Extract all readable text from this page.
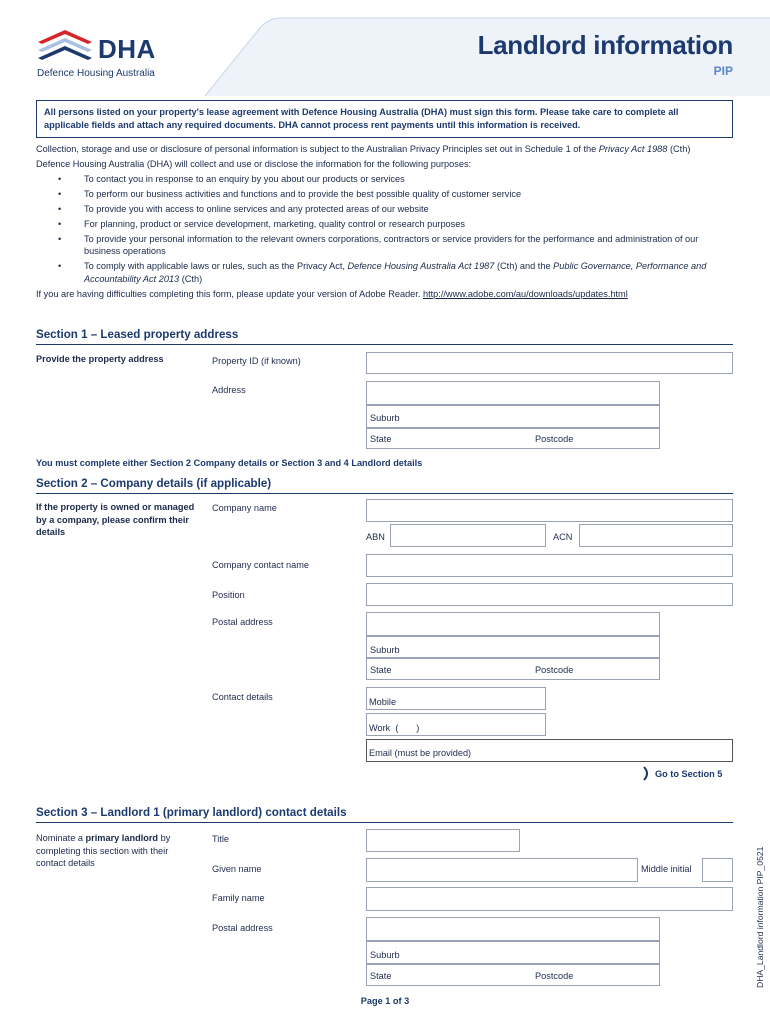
DHA
Defence Housing Australia
Landlord information
PIP
All persons listed on your property's lease agreement with Defence Housing Australia (DHA) must sign this form. Please take care to complete all applicable fields and attach any required documents. DHA cannot process rent payments until this information is received.
Collection, storage and use or disclosure of personal information is subject to the Australian Privacy Principles set out in Schedule 1 of the Privacy Act 1988 (Cth)
Defence Housing Australia (DHA) will collect and use or disclose the information for the following purposes:
• To contact you in response to an enquiry by you about our products or services
• To perform our business activities and functions and to provide the best possible quality of customer service
• To provide you with access to online services and any protected areas of our website
• For planning, product or service development, marketing, quality control or research purposes
• To provide your personal information to the relevant owners corporations, contractors or service providers for the performance and administration of our business operations
• To comply with applicable laws or rules, such as the Privacy Act, Defence Housing Australia Act 1987 (Cth) and the Public Governance, Performance and Accountability Act 2013 (Cth)
If you are having difficulties completing this form, please update your version of Adobe Reader. http://www.adobe.com/au/downloads/updates.html
Section 1 – Leased property address
Provide the property address	Property ID (if known)
Address
Suburb
State	Postcode
You must complete either Section 2 Company details or Section 3 and 4 Landlord details
Section 2 – Company details (if applicable)
If the property is owned or managed by a company, please confirm their details
Company name
ABN	ACN
Company contact name
Position
Postal address
Suburb
State	Postcode
Contact details	Mobile
Work  (       )
Email (must be provided)
Go to Section 5
Section 3 – Landlord 1 (primary landlord) contact details
Nominate a primary landlord by completing this section with their contact details
Title
Given name	Middle initial
Family name
Postal address
Suburb
State	Postcode	DHA_Landlord information PIP_0521
Page 1 of 3
